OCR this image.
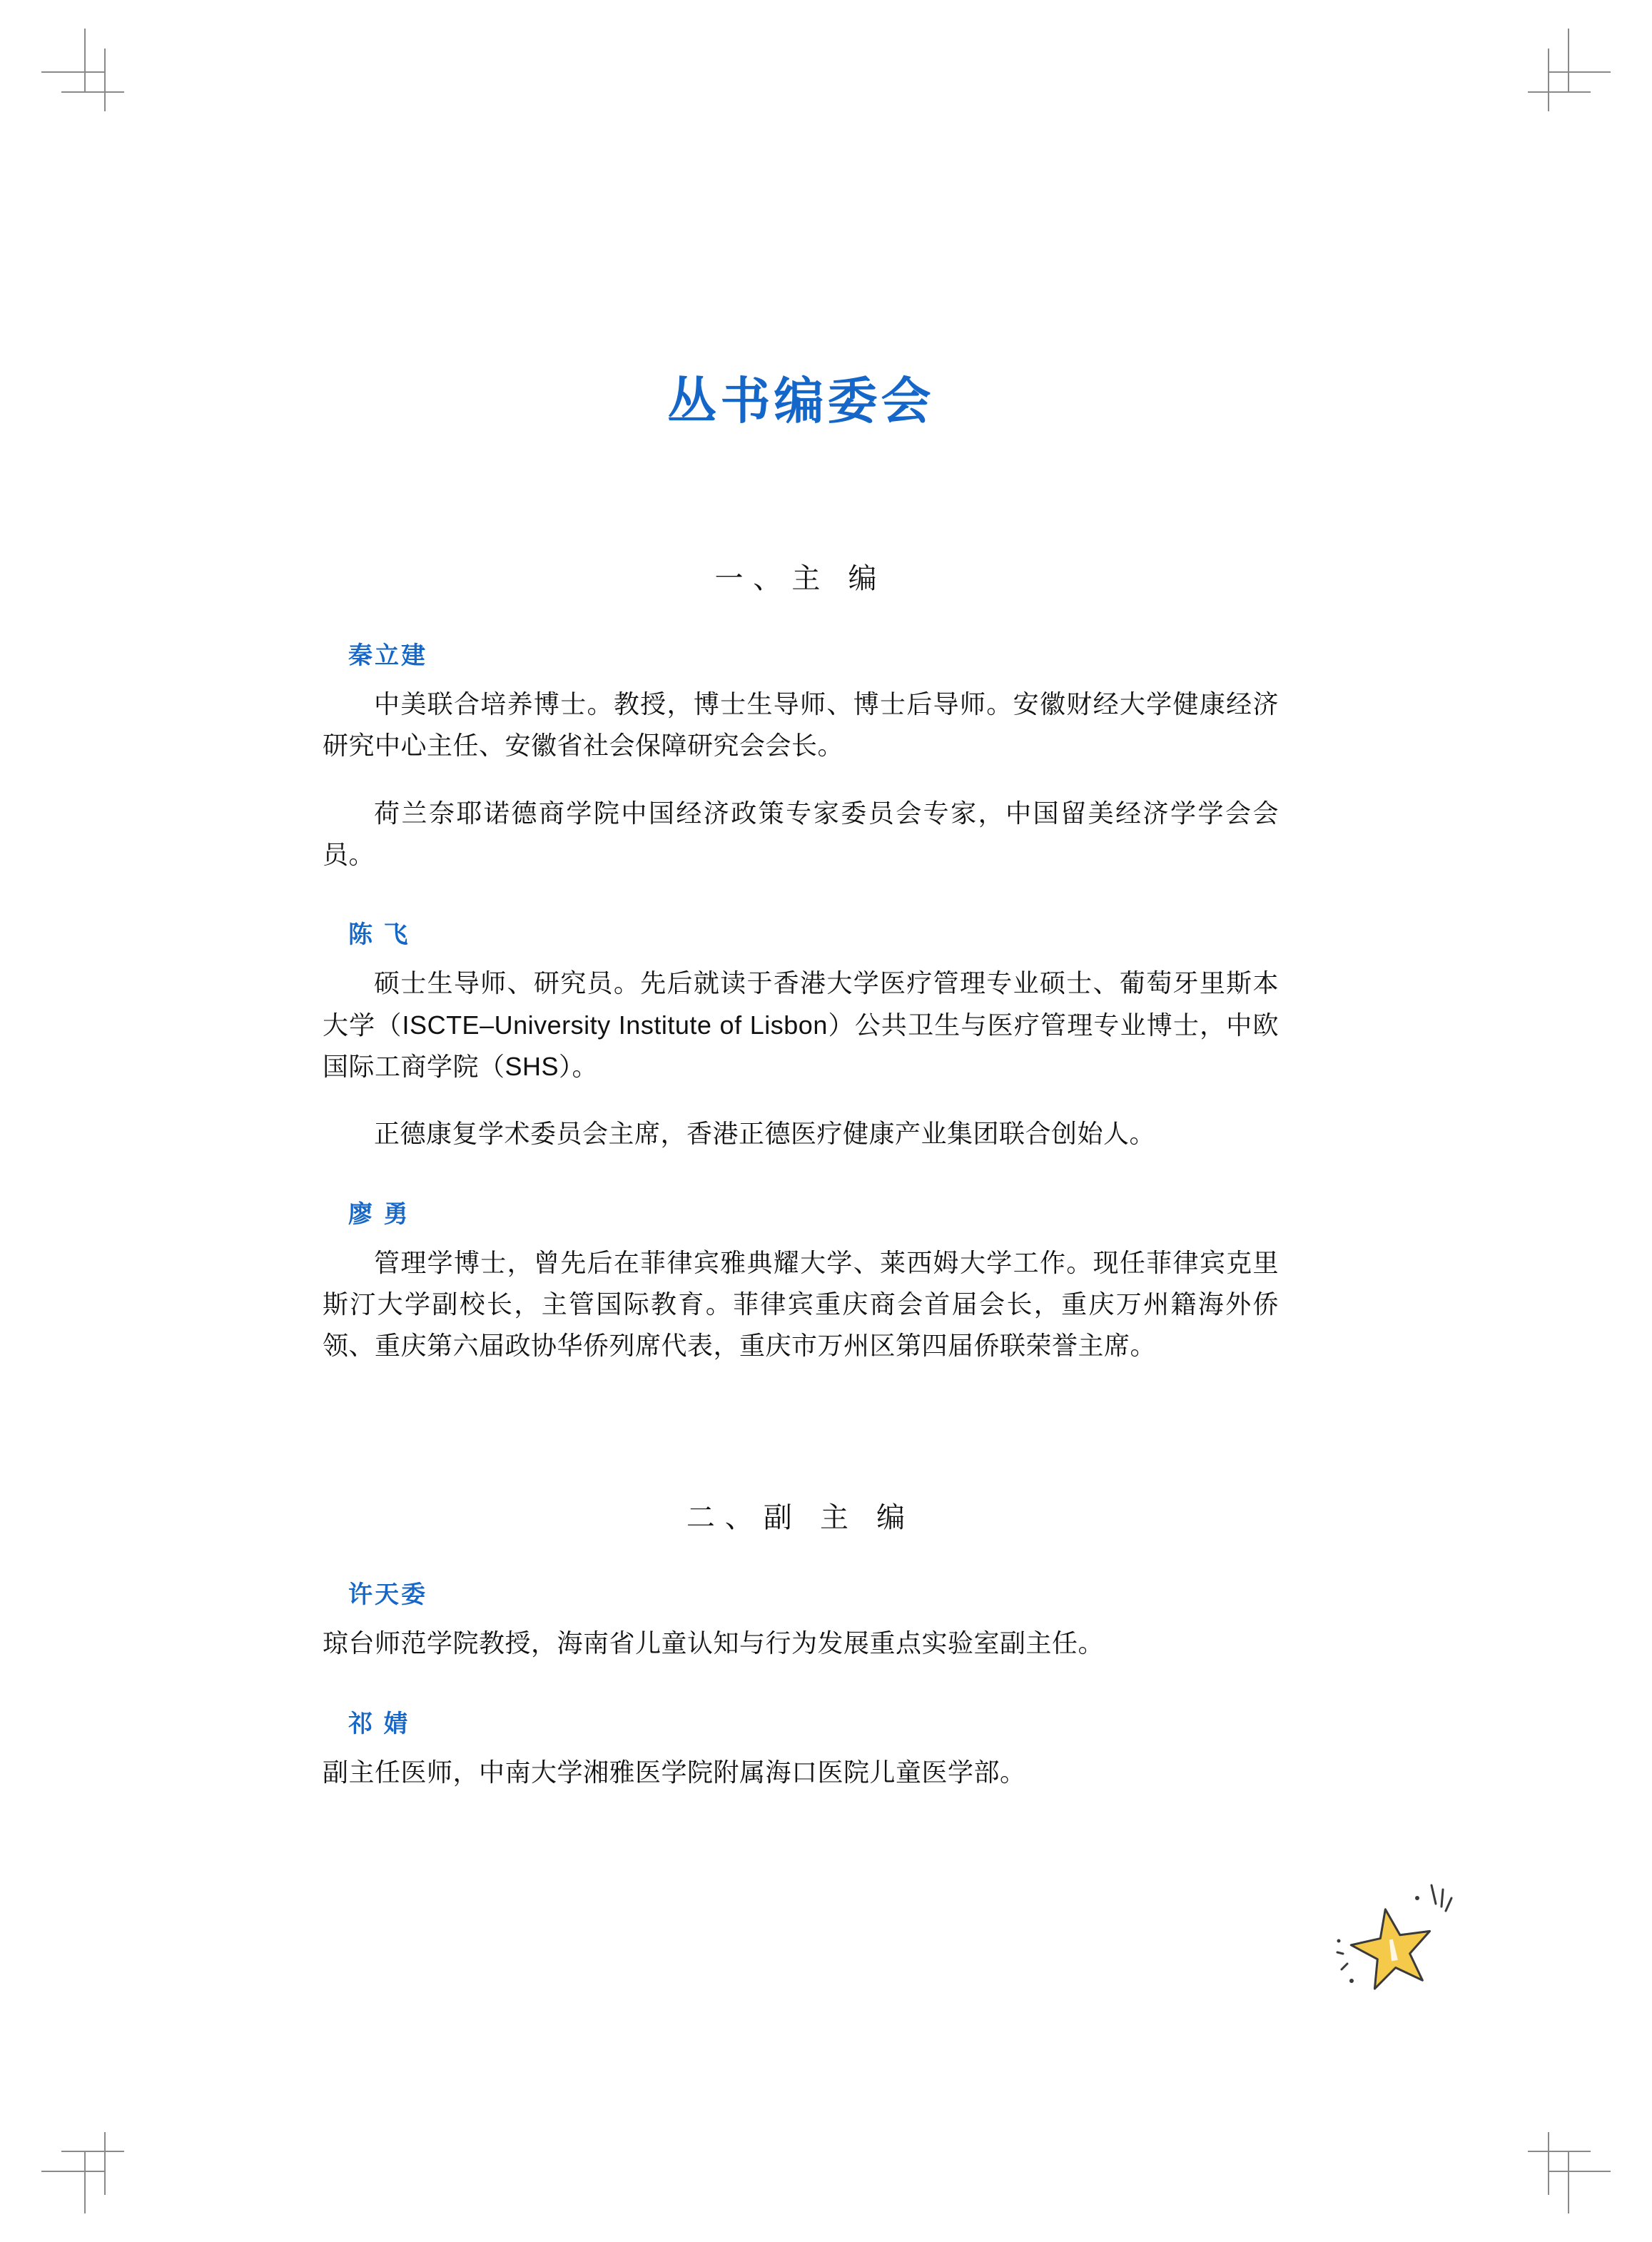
丛书编委会
一、主 编
秦立建

中美联合培养博士。教授，博士生导师、博士后导师。安徽财经大学健康经济研究中心主任、安徽省社会保障研究会会长。

荷兰奈耶诺德商学院中国经济政策专家委员会专家，中国留美经济学学会会员。

陈 飞

硕士生导师、研究员。先后就读于香港大学医疗管理专业硕士、葡萄牙里斯本大学（ISCTE–University Institute of Lisbon）公共卫生与医疗管理专业博士，中欧国际工商学院（SHS）。

正德康复学术委员会主席，香港正德医疗健康产业集团联合创始人。

廖 勇

管理学博士，曾先后在菲律宾雅典耀大学、莱西姆大学工作。现任菲律宾克里斯汀大学副校长，主管国际教育。菲律宾重庆商会首届会长，重庆万州籍海外侨领、重庆第六届政协华侨列席代表，重庆市万州区第四届侨联荣誉主席。

二、副 主 编
许天委

琼台师范学院教授，海南省儿童认知与行为发展重点实验室副主任。

祁 婧

副主任医师，中南大学湘雅医学院附属海口医院儿童医学部。
